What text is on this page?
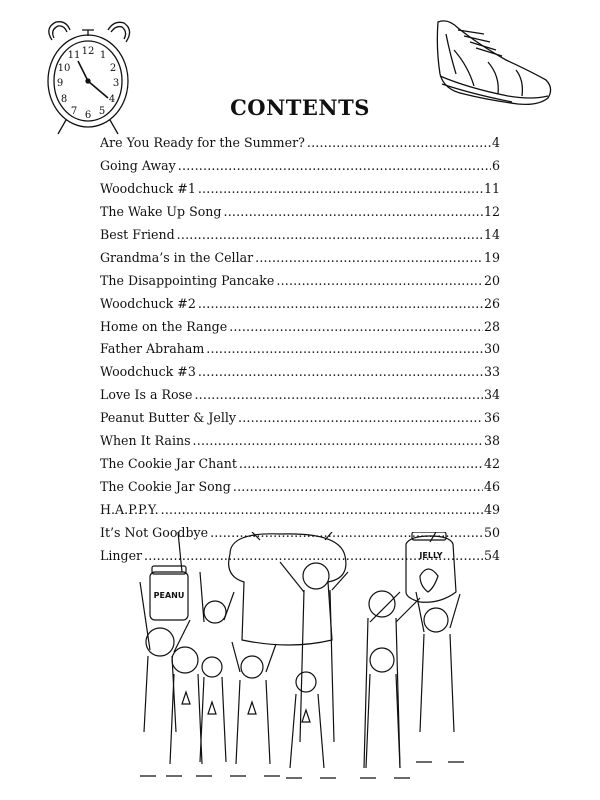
12 1
2
3
4
5
6
7
8
9
10
11
CONTENTS
Are You Ready for the Summer? .....	4
Going Away .....	6
Woodchuck #1 .....	11
The Wake Up Song .....	12
Best Friend .....	14
Grandma’s in the Cellar .....	19
The Disappointing Pancake .....	20
Woodchuck #2 .....	26
Home on the Range .....	28
Father Abraham .....	30
Woodchuck #3 .....	33
Love Is a Rose .....	34
Peanut Butter & Jelly .....	36
When It Rains .....	38
The Cookie Jar Chant .....	42
The Cookie Jar Song .....	46
H.A.P.P.Y. .....	49
It’s Not Goodbye .....	50
Linger .....	54
PEANU
JELLY
